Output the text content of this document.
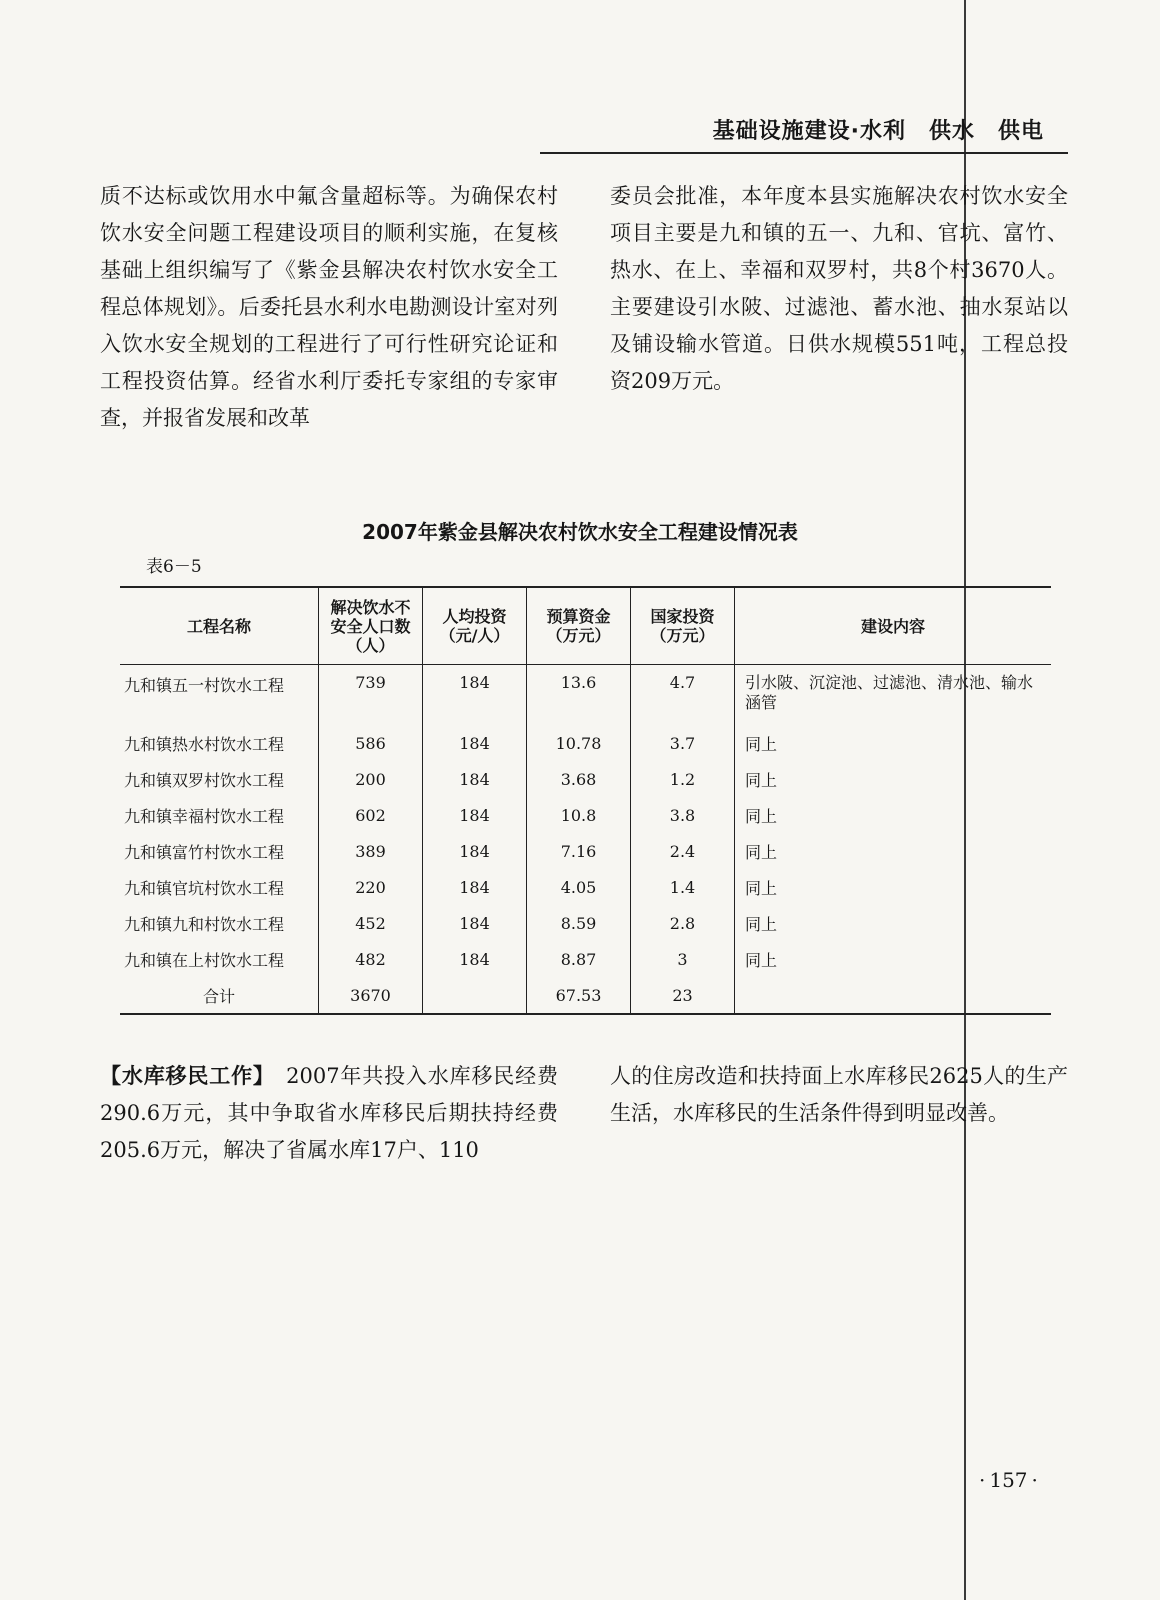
基础设施建设·水利　供水　供电
质不达标或饮用水中氟含量超标等。为确保农村饮水安全问题工程建设项目的顺利实施，在复核基础上组织编写了《紫金县解决农村饮水安全工程总体规划》。后委托县水利水电勘测设计室对列入饮水安全规划的工程进行了可行性研究论证和工程投资估算。经省水利厅委托专家组的专家审查，并报省发展和改革
委员会批准，本年度本县实施解决农村饮水安全项目主要是九和镇的五一、九和、官坑、富竹、热水、在上、幸福和双罗村，共8个村3670人。主要建设引水陂、过滤池、蓄水池、抽水泵站以及铺设输水管道。日供水规模551吨，工程总投资209万元。
2007年紫金县解决农村饮水安全工程建设情况表
表6－5
工程名称	解决饮水不安全人口数（人）	人均投资（元/人）	预算资金（万元）	国家投资（万元）	建设内容
九和镇五一村饮水工程	739	184	13.6	4.7	引水陂、沉淀池、过滤池、清水池、输水涵管
九和镇热水村饮水工程	586	184	10.78	3.7	同上
九和镇双罗村饮水工程	200	184	3.68	1.2	同上
九和镇幸福村饮水工程	602	184	10.8	3.8	同上
九和镇富竹村饮水工程	389	184	7.16	2.4	同上
九和镇官坑村饮水工程	220	184	4.05	1.4	同上
九和镇九和村饮水工程	452	184	8.59	2.8	同上
九和镇在上村饮水工程	482	184	8.87	3	同上
合计	3670		67.53	23	
【水库移民工作】　2007年共投入水库移民经费290.6万元，其中争取省水库移民后期扶持经费205.6万元，解决了省属水库17户、110
人的住房改造和扶持面上水库移民2625人的生产生活，水库移民的生活条件得到明显改善。
· 157 ·
